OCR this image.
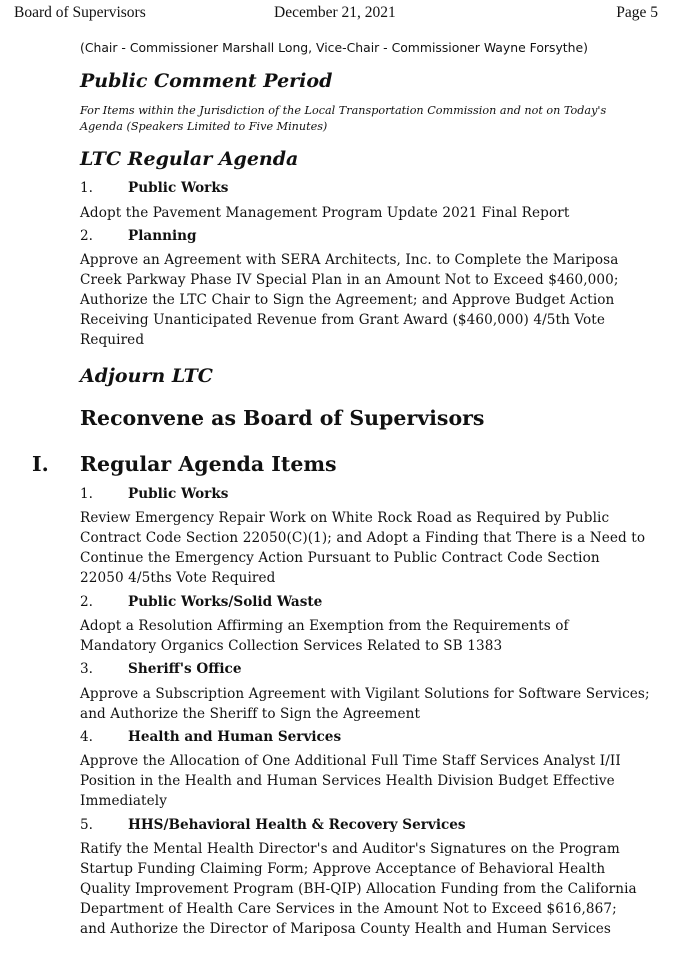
Board of Supervisors	December 21, 2021	Page 5
(Chair - Commissioner Marshall Long, Vice-Chair - Commissioner Wayne Forsythe)
Public Comment Period
For Items within the Jurisdiction of the Local Transportation Commission and not on Today's
Agenda (Speakers Limited to Five Minutes)
LTC Regular Agenda
1.	Public Works
Adopt the Pavement Management Program Update 2021 Final Report
2.	Planning
Approve an Agreement with SERA Architects, Inc. to Complete the Mariposa
Creek Parkway Phase IV Special Plan in an Amount Not to Exceed $460,000;
Authorize the LTC Chair to Sign the Agreement; and Approve Budget Action
Receiving Unanticipated Revenue from Grant Award ($460,000) 4/5th Vote
Required
Adjourn LTC
Reconvene as Board of Supervisors
I. Regular Agenda Items
1.	Public Works
Review Emergency Repair Work on White Rock Road as Required by Public
Contract Code Section 22050(C)(1); and Adopt a Finding that There is a Need to
Continue the Emergency Action Pursuant to Public Contract Code Section
22050 4/5ths Vote Required
2.	Public Works/Solid Waste
Adopt a Resolution Affirming an Exemption from the Requirements of
Mandatory Organics Collection Services Related to SB 1383
3.	Sheriff's Office
Approve a Subscription Agreement with Vigilant Solutions for Software Services;
and Authorize the Sheriff to Sign the Agreement
4.	Health and Human Services
Approve the Allocation of One Additional Full Time Staff Services Analyst I/II
Position in the Health and Human Services Health Division Budget Effective
Immediately
5.	HHS/Behavioral Health & Recovery Services
Ratify the Mental Health Director's and Auditor's Signatures on the Program
Startup Funding Claiming Form; Approve Acceptance of Behavioral Health
Quality Improvement Program (BH-QIP) Allocation Funding from the California
Department of Health Care Services in the Amount Not to Exceed $616,867;
and Authorize the Director of Mariposa County Health and Human Services
